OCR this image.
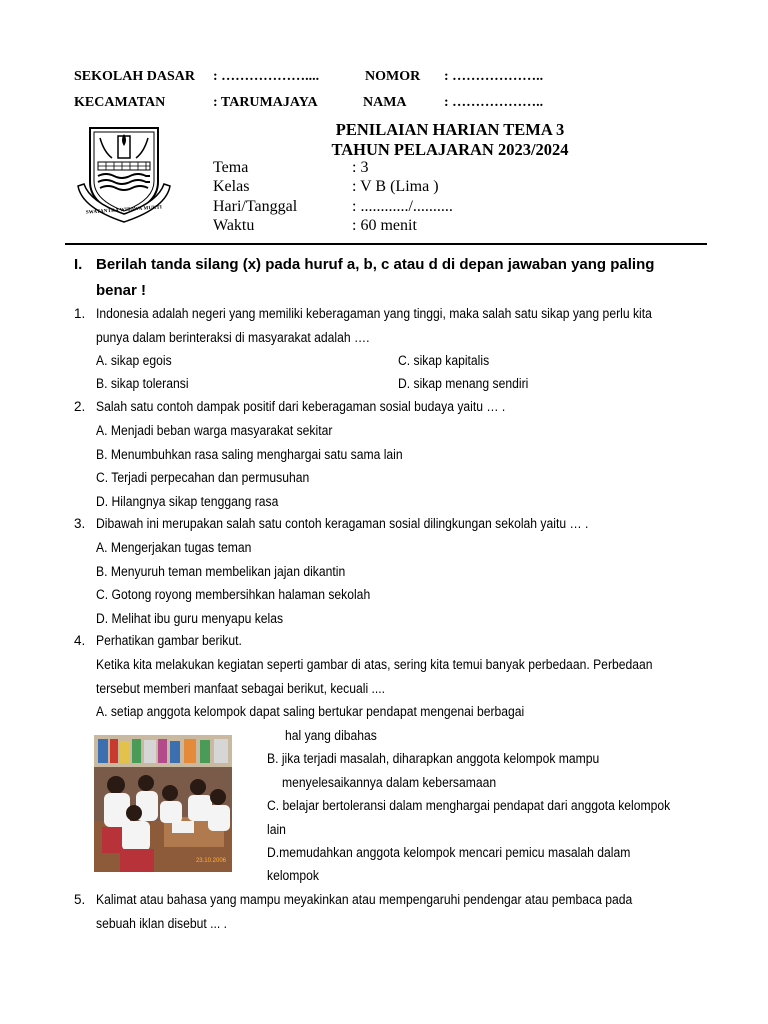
SEKOLAH DASAR : ………………....	NOMOR : ………………..
KECAMATAN	: TARUMAJAYA	NAMA	: ………………..
SWATANTRA WIBAWA MUKTI
PENILAIAN HARIAN TEMA 3
TAHUN PELAJARAN 2023/2024
Tema	: 3
Kelas	: V B (Lima )
Hari/Tanggal	: ............/..........
Waktu	: 60 menit
I. Berilah tanda silang (x) pada huruf a, b, c atau d di depan jawaban yang paling
benar !
1. Indonesia adalah negeri yang memiliki keberagaman yang tinggi, maka salah satu sikap yang perlu kita
punya dalam berinteraksi di masyarakat adalah ….
A. sikap egois	C. sikap kapitalis
B. sikap toleransi	D. sikap menang sendiri
2. Salah satu contoh dampak positif dari keberagaman sosial budaya yaitu … .
A. Menjadi beban warga masyarakat sekitar
B. Menumbuhkan rasa saling menghargai satu sama lain
C. Terjadi perpecahan dan permusuhan
D. Hilangnya sikap tenggang rasa
3. Dibawah ini merupakan salah satu contoh keragaman sosial dilingkungan sekolah yaitu … .
A. Mengerjakan tugas teman
B. Menyuruh teman membelikan jajan dikantin
C. Gotong royong membersihkan halaman sekolah
D. Melihat ibu guru menyapu kelas
4. Perhatikan gambar berikut.
Ketika kita melakukan kegiatan seperti gambar di atas, sering kita temui banyak perbedaan. Perbedaan
tersebut memberi manfaat sebagai berikut, kecuali ....
A. setiap anggota kelompok dapat saling bertukar pendapat mengenai berbagai
hal yang dibahas
23.10.2006
B. jika terjadi masalah, diharapkan anggota kelompok mampu
menyelesaikannya dalam kebersamaan
C. belajar bertoleransi dalam menghargai pendapat dari anggota kelompok
lain
D.memudahkan anggota kelompok mencari pemicu masalah dalam
kelompok
5. Kalimat atau bahasa yang mampu meyakinkan atau mempengaruhi pendengar atau pembaca pada
sebuah iklan disebut ... .
